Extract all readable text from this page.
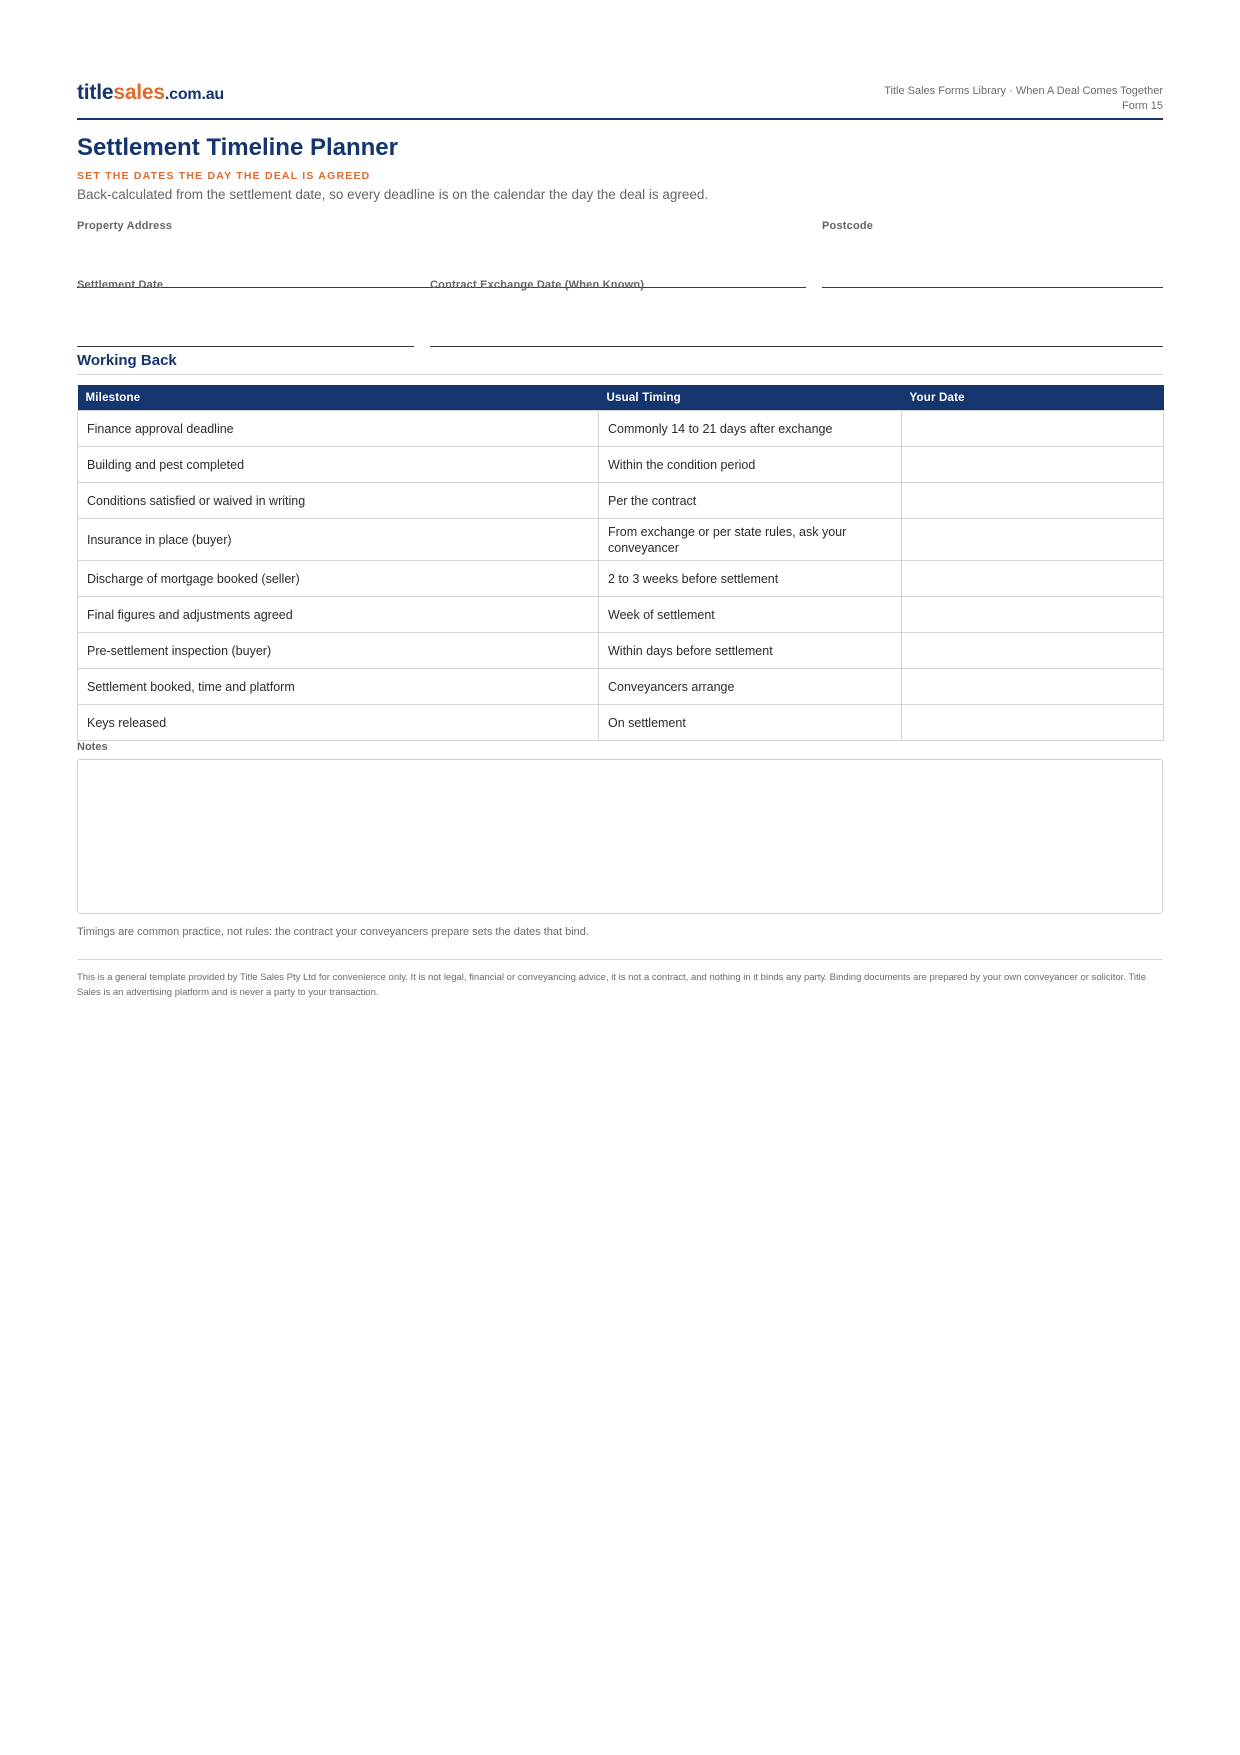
titlesales.com.au	Title Sales Forms Library · When A Deal Comes Together
Form 15
Settlement Timeline Planner
SET THE DATES THE DAY THE DEAL IS AGREED
Back-calculated from the settlement date, so every deadline is on the calendar the day the deal is agreed.
Property Address	Postcode
Settlement Date	Contract Exchange Date (When Known)
Working Back
Milestone	Usual Timing	Your Date
Finance approval deadline	Commonly 14 to 21 days after exchange	
Building and pest completed	Within the condition period	
Conditions satisfied or waived in writing	Per the contract	
Insurance in place (buyer)	From exchange or per state rules, ask your conveyancer	
Discharge of mortgage booked (seller)	2 to 3 weeks before settlement	
Final figures and adjustments agreed	Week of settlement	
Pre-settlement inspection (buyer)	Within days before settlement	
Settlement booked, time and platform	Conveyancers arrange	
Keys released	On settlement	
Notes
Timings are common practice, not rules: the contract your conveyancers prepare sets the dates that bind.
This is a general template provided by Title Sales Pty Ltd for convenience only. It is not legal, financial or conveyancing advice, it is not a contract, and nothing in it binds any party. Binding documents are prepared by your own conveyancer or solicitor. Title Sales is an advertising platform and is never a party to your transaction.
